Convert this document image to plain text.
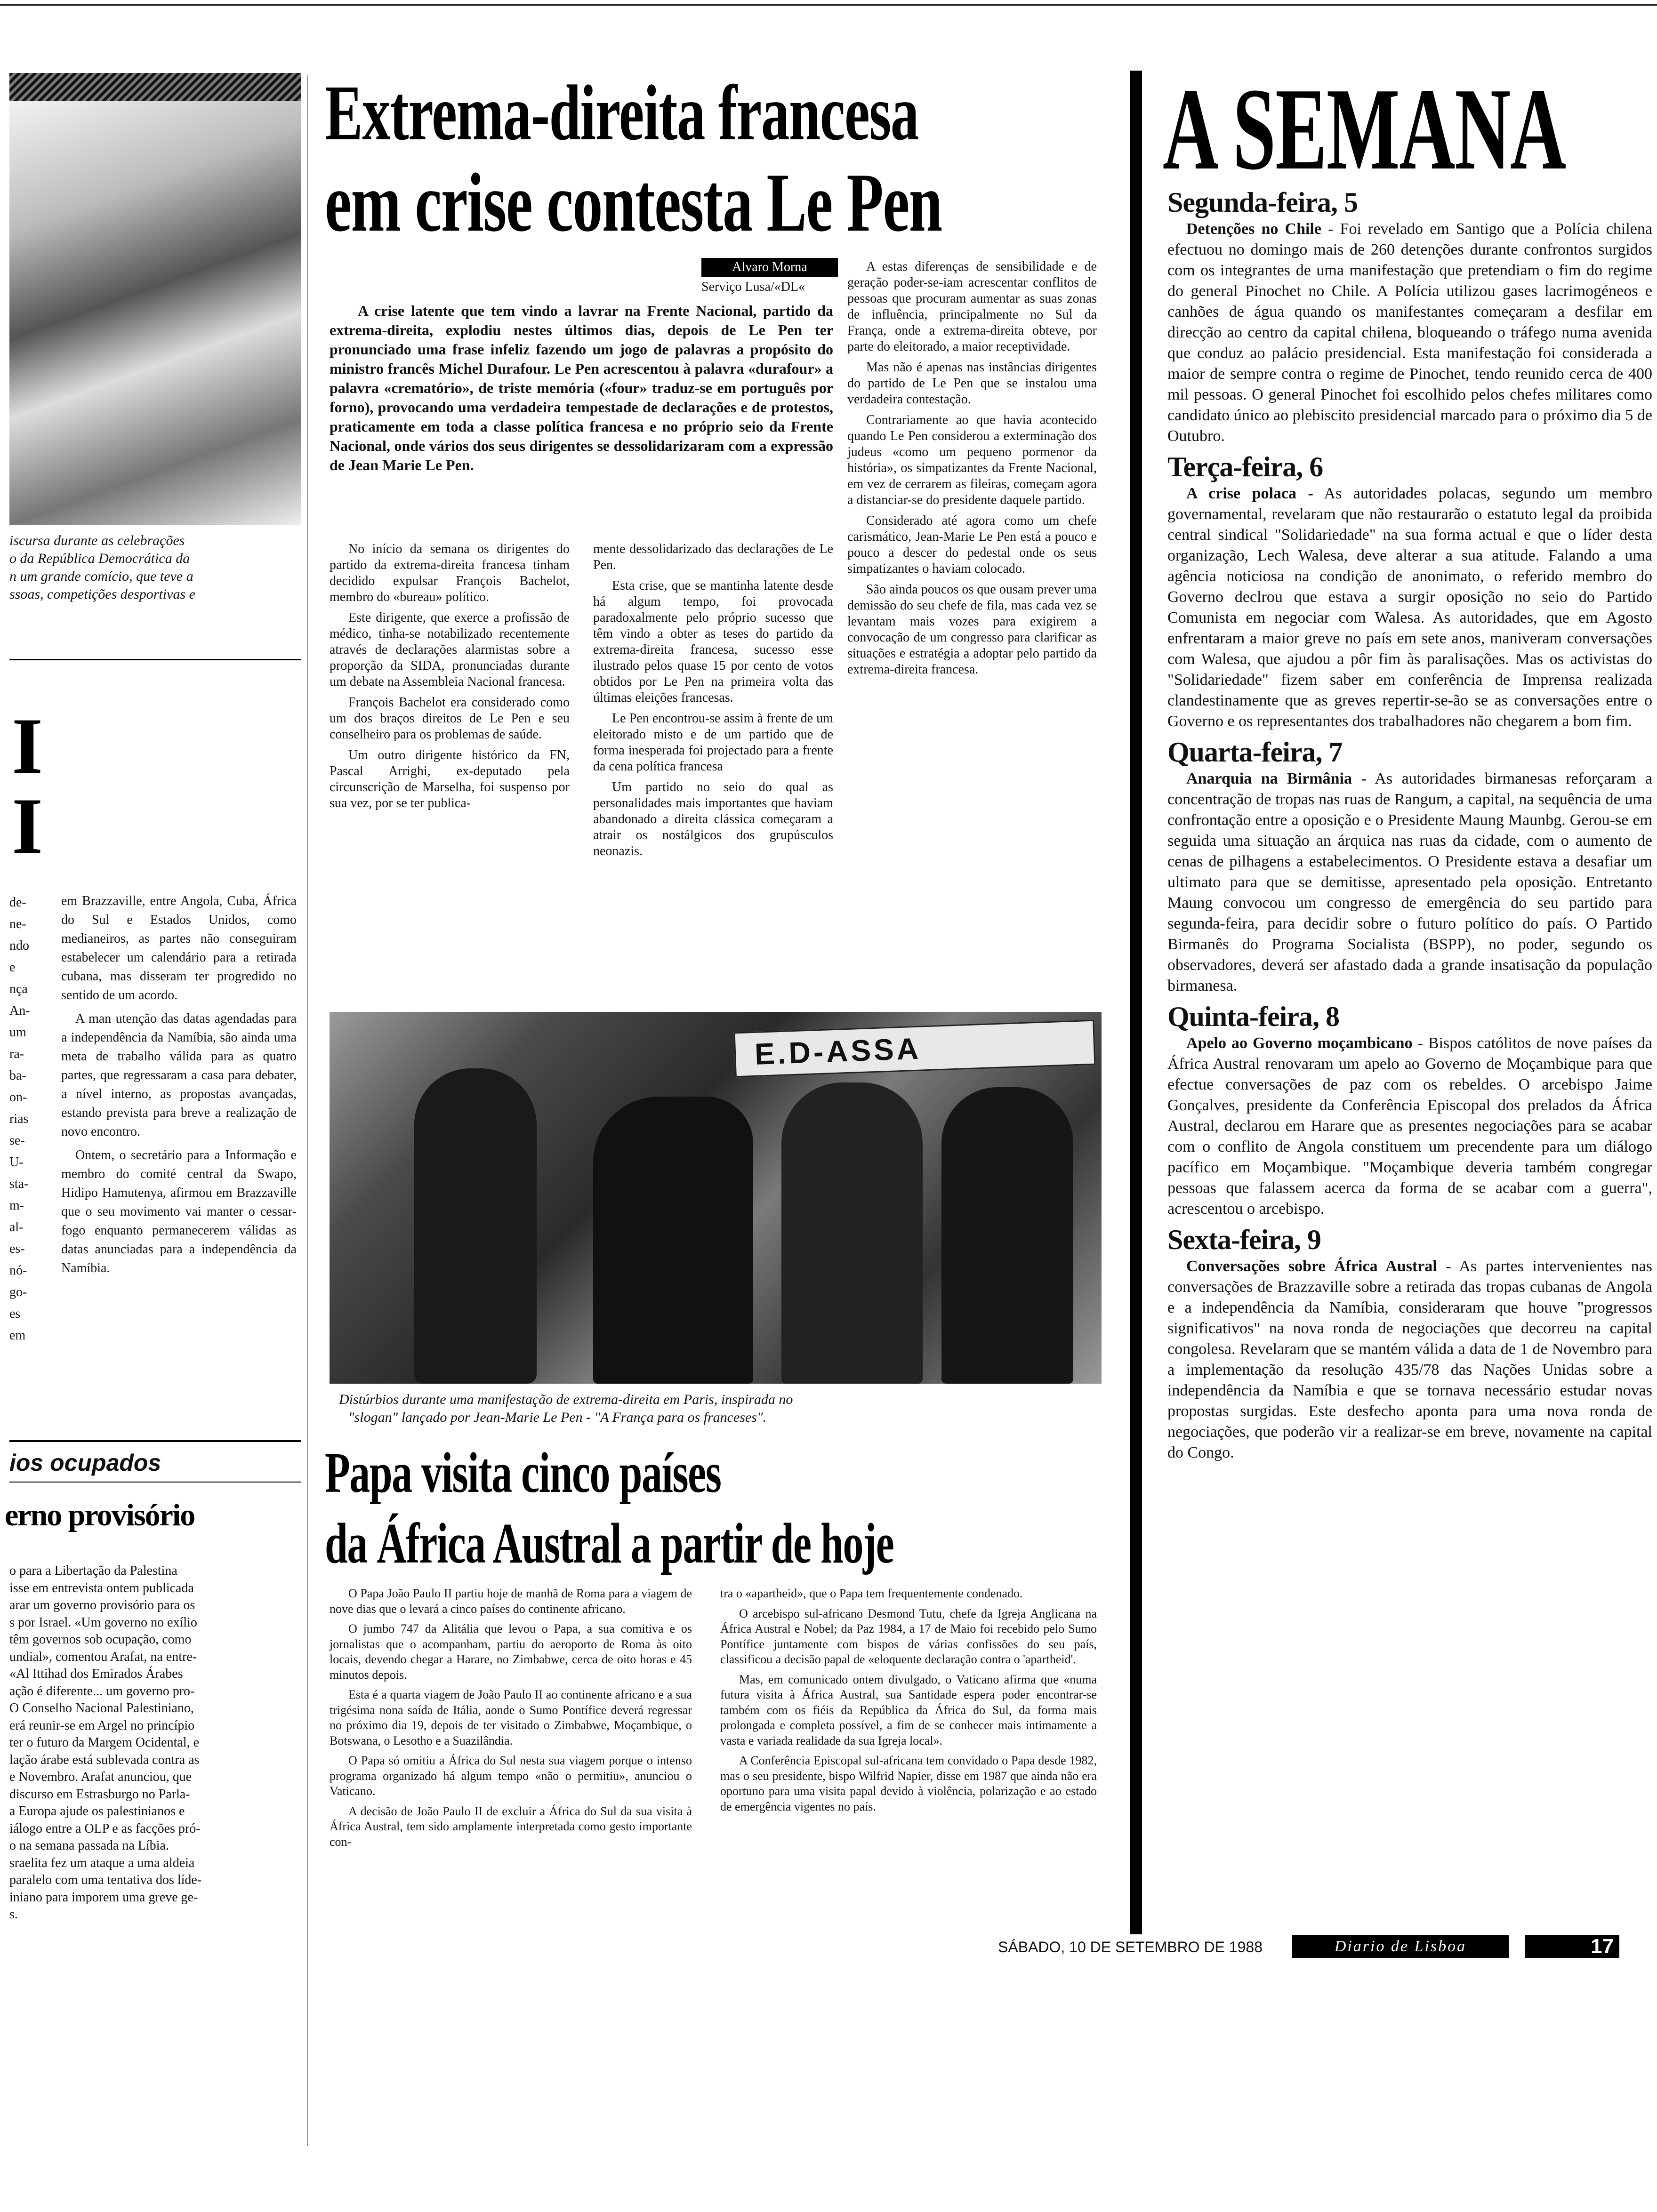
iscursa durante as celebrações
o da República Democrática da
n um grande comício, que teve a
ssoas, competições desportivas e
I
I
de-
ne-
ndo
e
nça
An-
um
ra-
ba-
on-
rias
se-
U-
sta-
m-
al-
es-
nó-
go-
es
em

em Brazzaville, entre Angola, Cuba, África do Sul e Estados Unidos, como medianeiros, as partes não conseguiram estabelecer um calendário para a retirada cubana, mas disseram ter progredido no sentido de um acordo.

A man utenção das datas agendadas para a independência da Namíbia, são ainda uma meta de trabalho válida para as quatro partes, que regressaram a casa para debater, a nível interno, as propostas avançadas, estando prevista para breve a realização de novo encontro.

Ontem, o secretário para a Informação e membro do comité central da Swapo, Hidipo Hamutenya, afirmou em Brazzaville que o seu movimento vai manter o cessar-fogo enquanto permanecerem válidas as datas anunciadas para a independência da Namíbia.

ios ocupados
erno provisório
o para a Libertação da Palestina
isse em entrevista ontem publicada
arar um governo provisório para os
s por Israel. «Um governo no exílio
têm governos sob ocupação, como
undial», comentou Arafat, na entre-
«Al Ittihad dos Emirados Árabes
ação é diferente... um governo pro-
O Conselho Nacional Palestiniano,
erá reunir-se em Argel no princípio
ter o futuro da Margem Ocidental, e
lação árabe está sublevada contra as
e Novembro. Arafat anunciou, que
discurso em Estrasburgo no Parla-
a Europa ajude os palestinianos e
iálogo entre a OLP e as facções pró-
o na semana passada na Líbia.
sraelita fez um ataque a uma aldeia
paralelo com uma tentativa dos líde-
iniano para imporem uma greve ge-
s.
Extrema-direita francesa
em crise contesta Le Pen
Alvaro Morna
Serviço Lusa/«DL«
A crise latente que tem vindo a lavrar na Frente Nacional, partido da extrema-direita, explodiu nestes últimos dias, depois de Le Pen ter pronunciado uma frase infeliz fazendo um jogo de palavras a propósito do ministro francês Michel Durafour. Le Pen acrescentou à palavra «durafour» a palavra «crematório», de triste memória («four» traduz-se em português por forno), provocando uma verdadeira tempestade de declarações e de protestos, praticamente em toda a classe política francesa e no próprio seio da Frente Nacional, onde vários dos seus dirigentes se dessolidarizaram com a expressão de Jean Marie Le Pen.

No início da semana os dirigentes do partido da extrema-direita francesa tinham decidido expulsar François Bachelot, membro do «bureau» político.

Este dirigente, que exerce a profissão de médico, tinha-se notabilizado recentemente através de declarações alarmistas sobre a proporção da SIDA, pronunciadas durante um debate na Assembleia Nacional francesa.

François Bachelot era considerado como um dos braços direitos de Le Pen e seu conselheiro para os problemas de saúde.

Um outro dirigente histórico da FN, Pascal Arrighi, ex-deputado pela circunscrição de Marselha, foi suspenso por sua vez, por se ter publica-

mente dessolidarizado das declarações de Le Pen.

Esta crise, que se mantinha latente desde há algum tempo, foi provocada paradoxalmente pelo próprio sucesso que têm vindo a obter as teses do partido da extrema-direita francesa, sucesso esse ilustrado pelos quase 15 por cento de votos obtidos por Le Pen na primeira volta das últimas eleições francesas.

Le Pen encontrou-se assim à frente de um eleitorado misto e de um partido que de forma inesperada foi projectado para a frente da cena política francesa

Um partido no seio do qual as personalidades mais importantes que haviam abandonado a direita clássica começaram a atrair os nostálgicos dos grupúsculos neonazis.

A estas diferenças de sensibilidade e de geração poder-se-iam acrescentar conflitos de pessoas que procuram aumentar as suas zonas de influência, principalmente no Sul da França, onde a extrema-direita obteve, por parte do eleitorado, a maior receptividade.

Mas não é apenas nas instâncias dirigentes do partido de Le Pen que se instalou uma verdadeira contestação.

Contrariamente ao que havia acontecido quando Le Pen considerou a exterminação dos judeus «como um pequeno pormenor da história», os simpatizantes da Frente Nacional, em vez de cerrarem as fileiras, começam agora a distanciar-se do presidente daquele partido.

Considerado até agora como um chefe carismático, Jean-Marie Le Pen está a pouco e pouco a descer do pedestal onde os seus simpatizantes o haviam colocado.

São ainda poucos os que ousam prever uma demissão do seu chefe de fila, mas cada vez se levantam mais vozes para exigirem a convocação de um congresso para clarificar as situações e estratégia a adoptar pelo partido da extrema-direita francesa.

E.D-ASSA
Distúrbios durante uma manifestação de extrema-direita em Paris, inspirada no
"slogan" lançado por Jean-Marie Le Pen - "A França para os franceses".
Papa visita cinco países
da África Austral a partir de hoje

O Papa João Paulo II partiu hoje de manhã de Roma para a viagem de nove dias que o levará a cinco países do continente africano.

O jumbo 747 da Alitália que levou o Papa, a sua comitiva e os jornalistas que o acompanham, partiu do aeroporto de Roma às oito locais, devendo chegar a Harare, no Zimbabwe, cerca de oito horas e 45 minutos depois.

Esta é a quarta viagem de João Paulo II ao continente africano e a sua trigésima nona saída de Itália, aonde o Sumo Pontífice deverá regressar no próximo dia 19, depois de ter visitado o Zimbabwe, Moçambique, o Botswana, o Lesotho e a Suazilândia.

O Papa só omitiu a África do Sul nesta sua viagem porque o intenso programa organizado há algum tempo «não o permitiu», anunciou o Vaticano.

A decisão de João Paulo II de excluir a África do Sul da sua visita à África Austral, tem sido amplamente interpretada como gesto importante con-

tra o «apartheid», que o Papa tem frequentemente condenado.

O arcebispo sul-africano Desmond Tutu, chefe da Igreja Anglicana na África Austral e Nobel; da Paz 1984, a 17 de Maio foi recebido pelo Sumo Pontífice juntamente com bispos de várias confissões do seu país, classificou a decisão papal de «eloquente declaração contra o 'apartheid'.

Mas, em comunicado ontem divulgado, o Vaticano afirma que «numa futura visita à África Austral, sua Santidade espera poder encontrar-se também com os fiéis da República da África do Sul, da forma mais prolongada e completa possível, a fim de se conhecer mais intimamente a vasta e variada realidade da sua Igreja local».

A Conferência Episcopal sul-africana tem convidado o Papa desde 1982, mas o seu presidente, bispo Wilfrid Napier, disse em 1987 que ainda não era oportuno para uma visita papal devido à violência, polarização e ao estado de emergência vigentes no país.

A SEMANA
Segunda-feira, 5

Detenções no Chile - Foi revelado em Santigo que a Polícia chilena efectuou no domingo mais de 260 detenções durante confrontos surgidos com os integrantes de uma manifestação que pretendiam o fim do regime do general Pinochet no Chile. A Polícia utilizou gases lacrimogéneos e canhões de água quando os manifestantes começaram a desfilar em direcção ao centro da capital chilena, bloqueando o tráfego numa avenida que conduz ao palácio presidencial. Esta manifestação foi considerada a maior de sempre contra o regime de Pinochet, tendo reunido cerca de 400 mil pessoas. O general Pinochet foi escolhido pelos chefes militares como candidato único ao plebiscito presidencial marcado para o próximo dia 5 de Outubro.

Terça-feira, 6

A crise polaca - As autoridades polacas, segundo um membro governamental, revelaram que não restaurarão o estatuto legal da proibida central sindical "Solidariedade" na sua forma actual e que o líder desta organização, Lech Walesa, deve alterar a sua atitude. Falando a uma agência noticiosa na condição de anonimato, o referido membro do Governo declrou que estava a surgir oposição no seio do Partido Comunista em negociar com Walesa. As autoridades, que em Agosto enfrentaram a maior greve no país em sete anos, maniveram conversações com Walesa, que ajudou a pôr fim às paralisações. Mas os activistas do "Solidariedade" fizem saber em conferência de Imprensa realizada clandestinamente que as greves repertir-se-ão se as conversações entre o Governo e os representantes dos trabalhadores não chegarem a bom fim.

Quarta-feira, 7

Anarquia na Birmânia - As autoridades birmanesas reforçaram a concentração de tropas nas ruas de Rangum, a capital, na sequência de uma confrontação entre a oposição e o Presidente Maung Maunbg. Gerou-se em seguida uma situação an árquica nas ruas da cidade, com o aumento de cenas de pilhagens a estabelecimentos. O Presidente estava a desafiar um ultimato para que se demitisse, apresentado pela oposição. Entretanto Maung convocou um congresso de emergência do seu partido para segunda-feira, para decidir sobre o futuro político do país. O Partido Birmanês do Programa Socialista (BSPP), no poder, segundo os observadores, deverá ser afastado dada a grande insatisação da população birmanesa.

Quinta-feira, 8

Apelo ao Governo moçambicano - Bispos católitos de nove países da África Austral renovaram um apelo ao Governo de Moçambique para que efectue conversações de paz com os rebeldes. O arcebispo Jaime Gonçalves, presidente da Conferência Episcopal dos prelados da África Austral, declarou em Harare que as presentes negociações para se acabar com o conflito de Angola constituem um precendente para um diálogo pacífico em Moçambique. "Moçambique deveria também congregar pessoas que falassem acerca da forma de se acabar com a guerra", acrescentou o arcebispo.

Sexta-feira, 9

Conversações sobre África Austral - As partes intervenientes nas conversações de Brazzaville sobre a retirada das tropas cubanas de Angola e a independência da Namíbia, consideraram que houve "progressos significativos" na nova ronda de negociações que decorreu na capital congolesa. Revelaram que se mantém válida a data de 1 de Novembro para a implementação da resolução 435/78 das Nações Unidas sobre a independência da Namíbia e que se tornava necessário estudar novas propostas surgidas. Este desfecho aponta para uma nova ronda de negociações, que poderão vir a realizar-se em breve, novamente na capital do Congo.

SÁBADO, 10 DE SETEMBRO DE 1988	Diario de Lisboa	17
